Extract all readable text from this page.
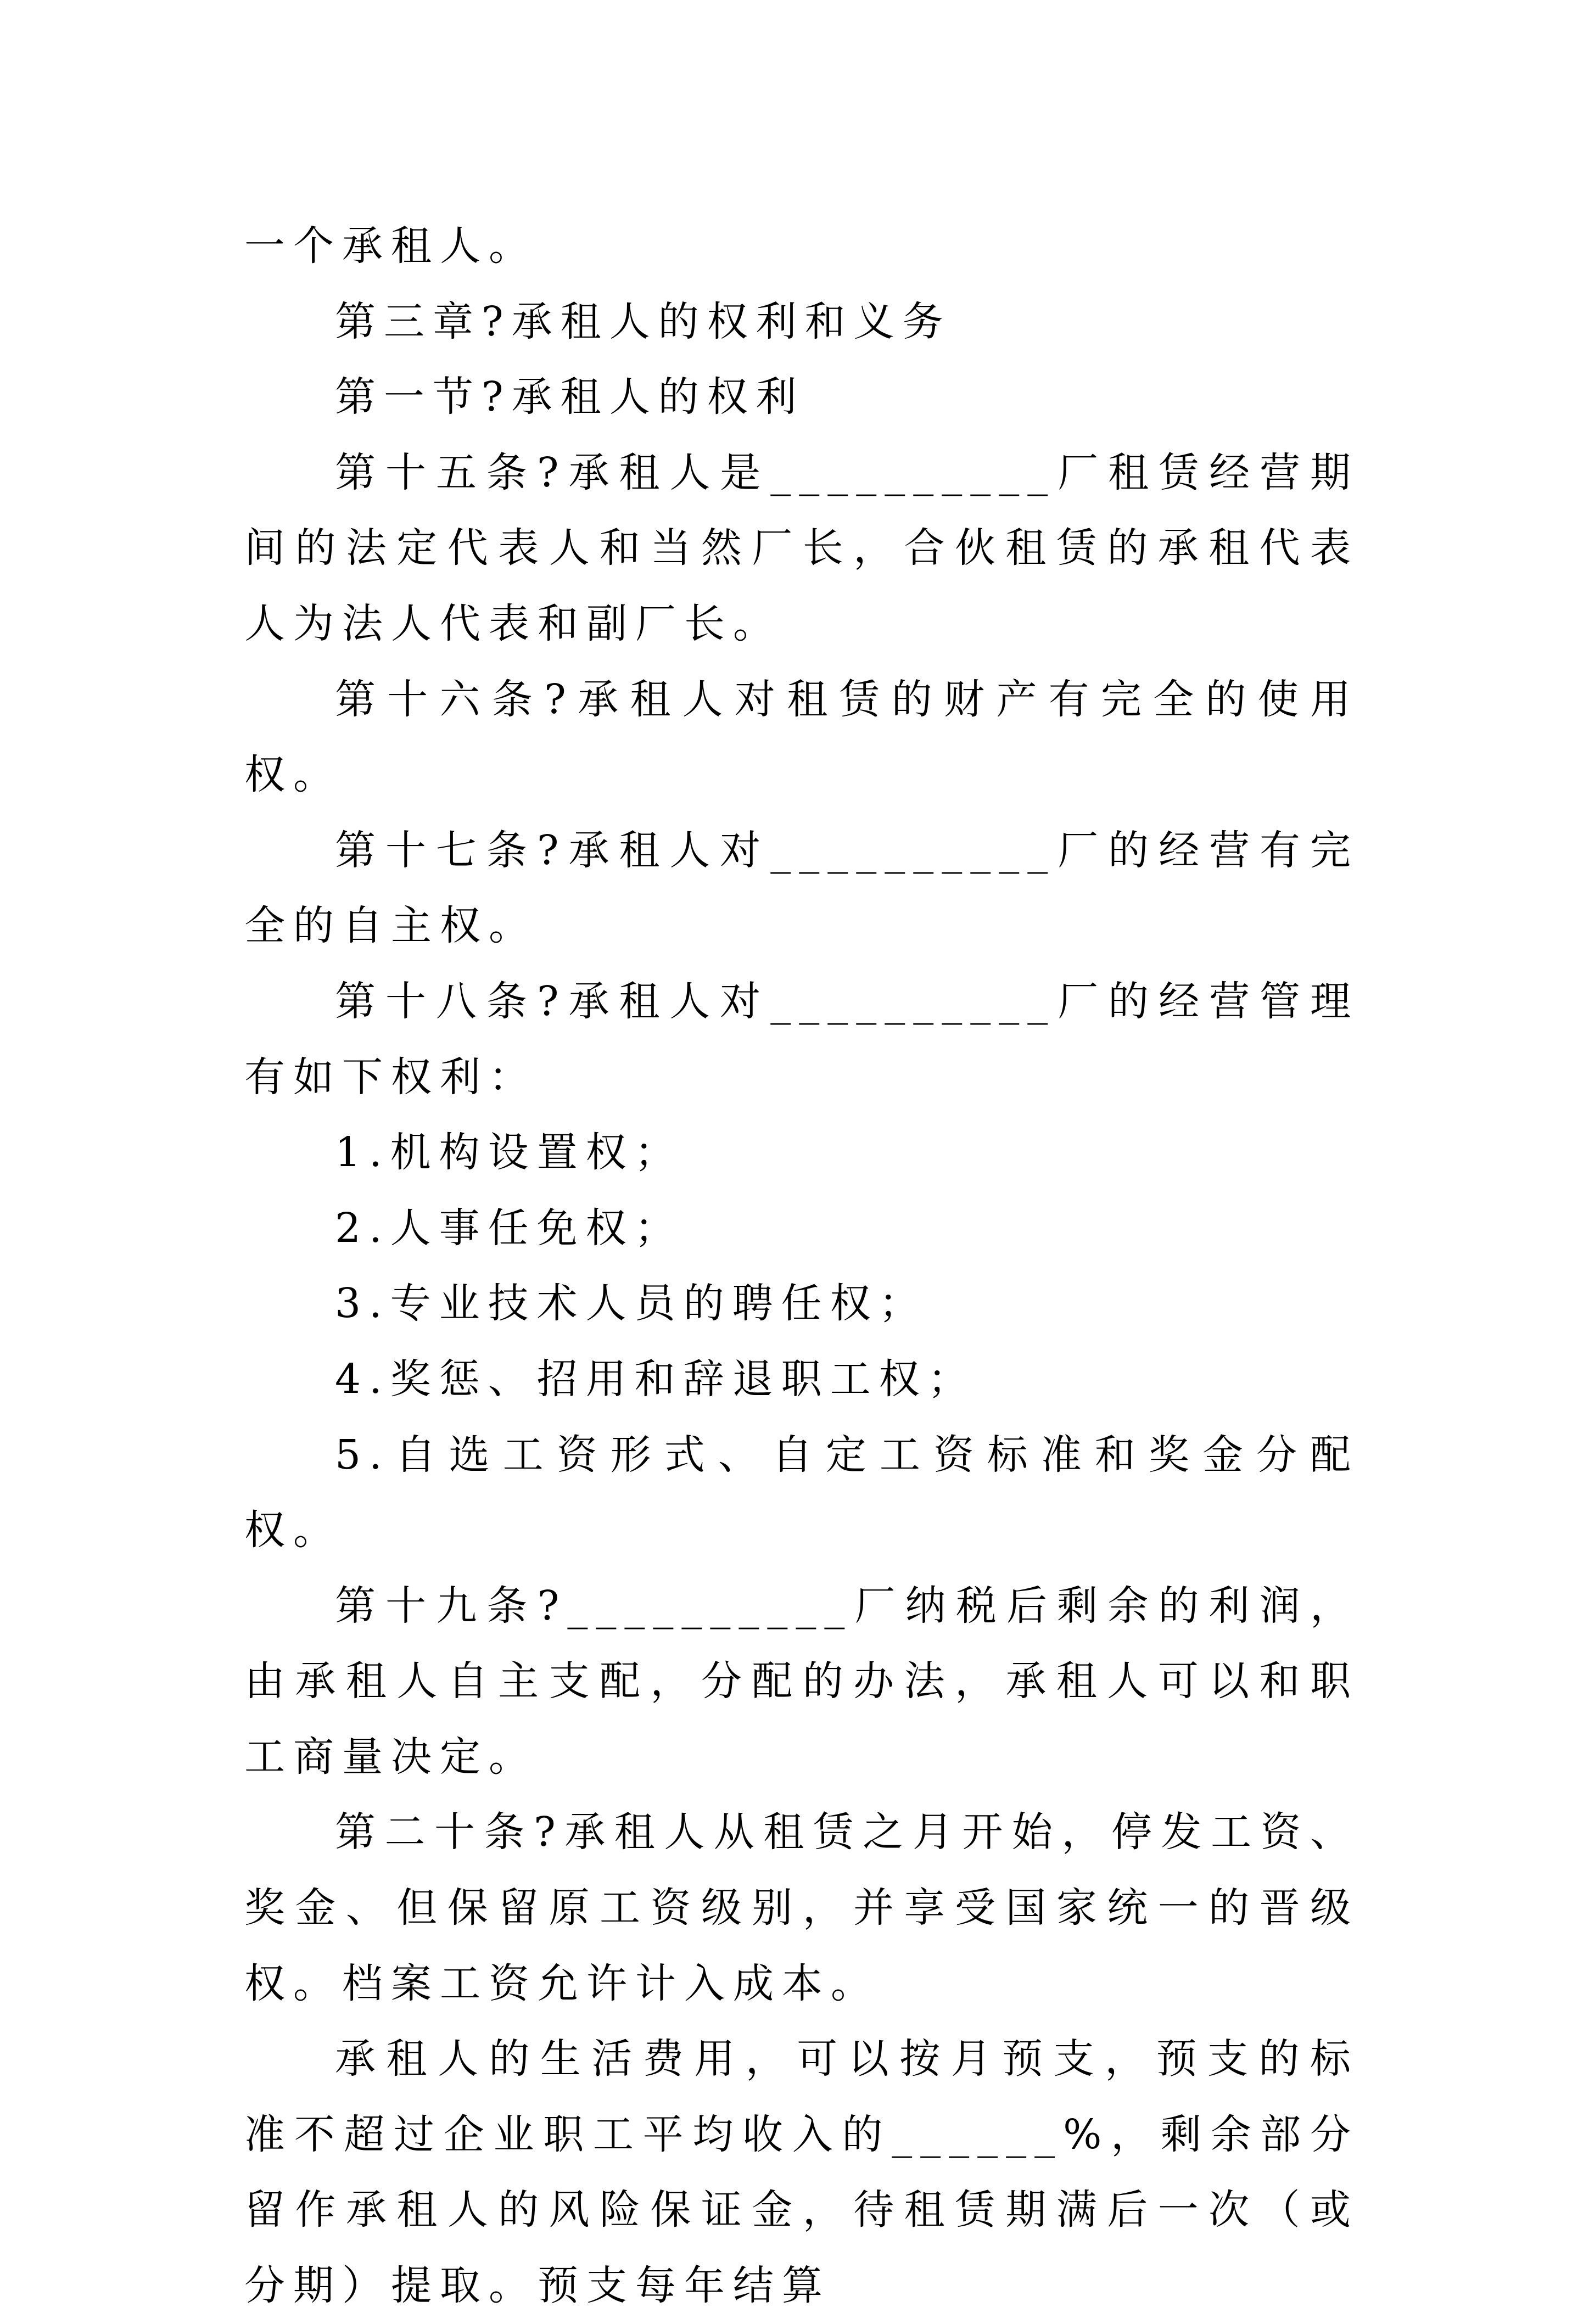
一个承租人。

第三章?承租人的权利和义务

第一节?承租人的权利

第十五条?承租人是__________厂租赁经营期间的法定代表人和当然厂长，合伙租赁的承租代表人为法人代表和副厂长。

第十六条?承租人对租赁的财产有完全的使用权。

第十七条?承租人对__________厂的经营有完全的自主权。

第十八条?承租人对__________厂的经营管理有如下权利：

1.机构设置权；

2.人事任免权；

3.专业技术人员的聘任权；

4.奖惩、招用和辞退职工权；

5.自选工资形式、自定工资标准和奖金分配权。

第十九条?__________厂纳税后剩余的利润，由承租人自主支配，分配的办法，承租人可以和职工商量决定。

第二十条?承租人从租赁之月开始，停发工资、奖金、但保留原工资级别，并享受国家统一的晋级权。档案工资允许计入成本。

承租人的生活费用，可以按月预支，预支的标准不超过企业职工平均收入的______%，剩余部分留作承租人的风险保证金，待租赁期满后一次（或分期）提取。预支每年结算
